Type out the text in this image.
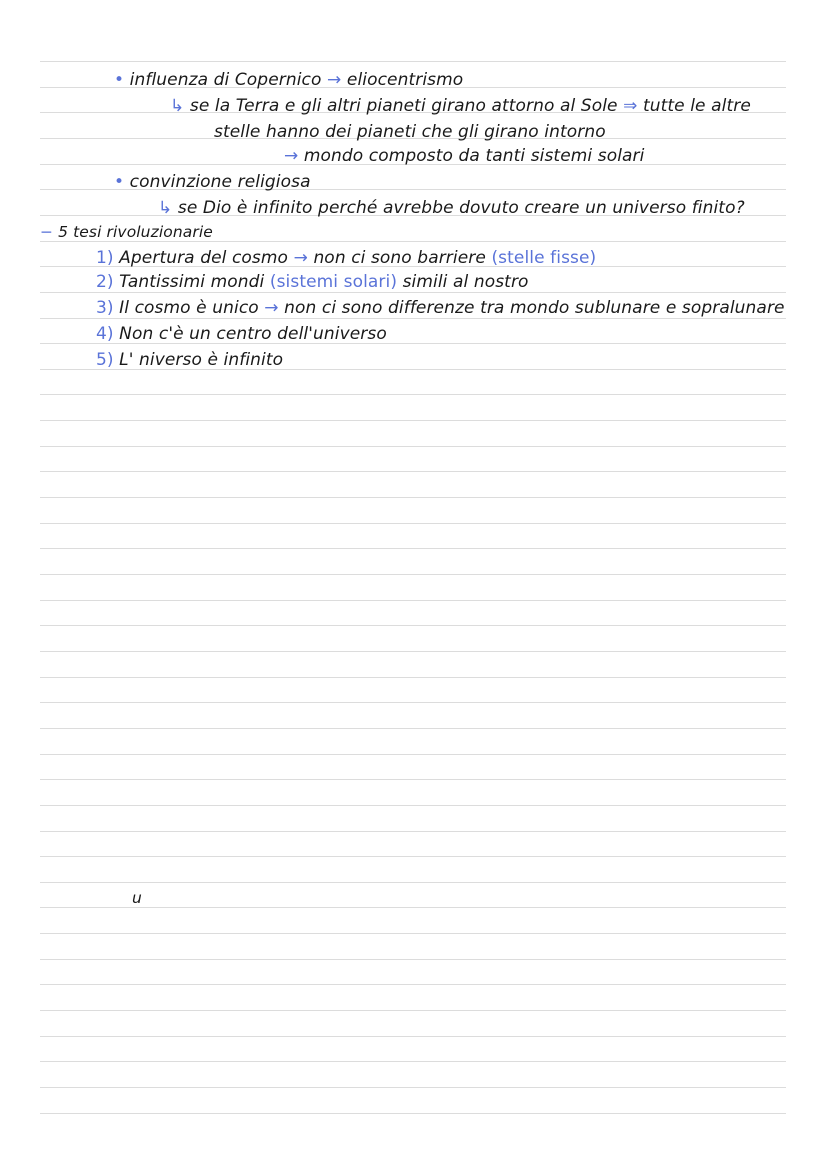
• influenza di Copernico → eliocentrismo
↳ se la Terra e gli altri pianeti girano attorno al Sole ⇒ tutte le altre
stelle hanno dei pianeti che gli girano intorno
→ mondo composto da tanti sistemi solari
• convinzione religiosa
↳ se Dio è infinito perché avrebbe dovuto creare un universo finito?
− 5 tesi rivoluzionarie
1) Apertura del cosmo → non ci sono barriere (stelle fisse)
2) Tantissimi mondi (sistemi solari) simili al nostro
3) Il cosmo è unico → non ci sono differenze tra mondo sublunare e sopralunare
4) Non c'è un centro dell'universo
5) L' niverso è infinito
u
